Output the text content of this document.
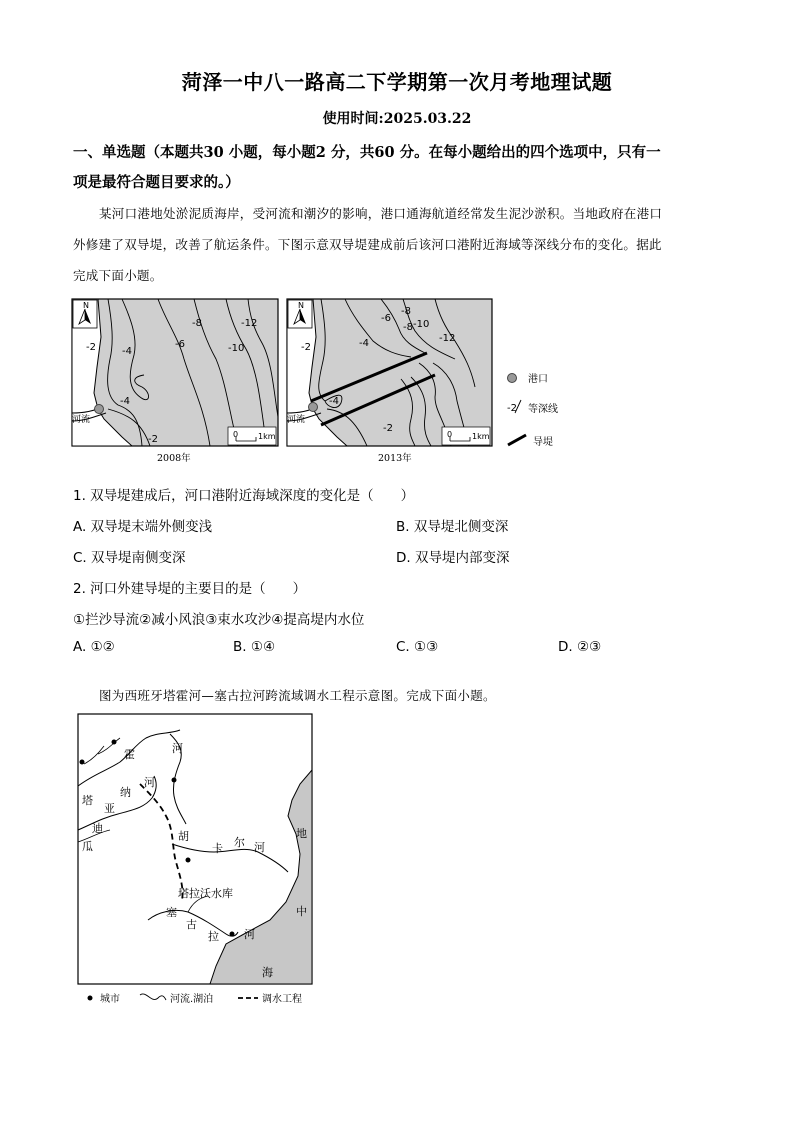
菏泽一中八一路高二下学期第一次月考地理试题
使用时间:2025.03.22
一、单选题（本题共30 小题，每小题2 分，共60 分。在每小题给出的四个选项中，只有一
项是最符合题目要求的。）
某河口港地处淤泥质海岸，受河流和潮汐的影响，港口通海航道经常发生泥沙淤积。当地政府在港口
外修建了双导堤，改善了航运条件。下图示意双导堤建成前后该河口港附近海域等深线分布的变化。据此
完成下面小题。
N
-8	-12
-2	-4
-6	-10
-4
-2
河流
0 1km
2008年
N
-8
-6
-8 -10
-12
-2	-4
-4
-2
河流
0 1km
2013年
港口
-2 等深线
导堤
1. 双导堤建成后，河口港附近海域深度的变化是（　　）
A. 双导堤末端外侧变浅	B. 双导堤北侧变深
C. 双导堤南侧变深	D. 双导堤内部变深
2. 河口外建导堤的主要目的是（　　）
①拦沙导流②减小风浪③束水攻沙④提高堤内水位
A. ①②	B. ①④	C. ①③	D. ②③
图为西班牙塔霍河—塞古拉河跨流域调水工程示意图。完成下面小题。
霍	河
塔
河
纳
亚
迪
瓜
胡
卡 尔 河
塔拉沃水库
塞
古
拉 河
地
中
海
城市	河流.湖泊	调水工程
